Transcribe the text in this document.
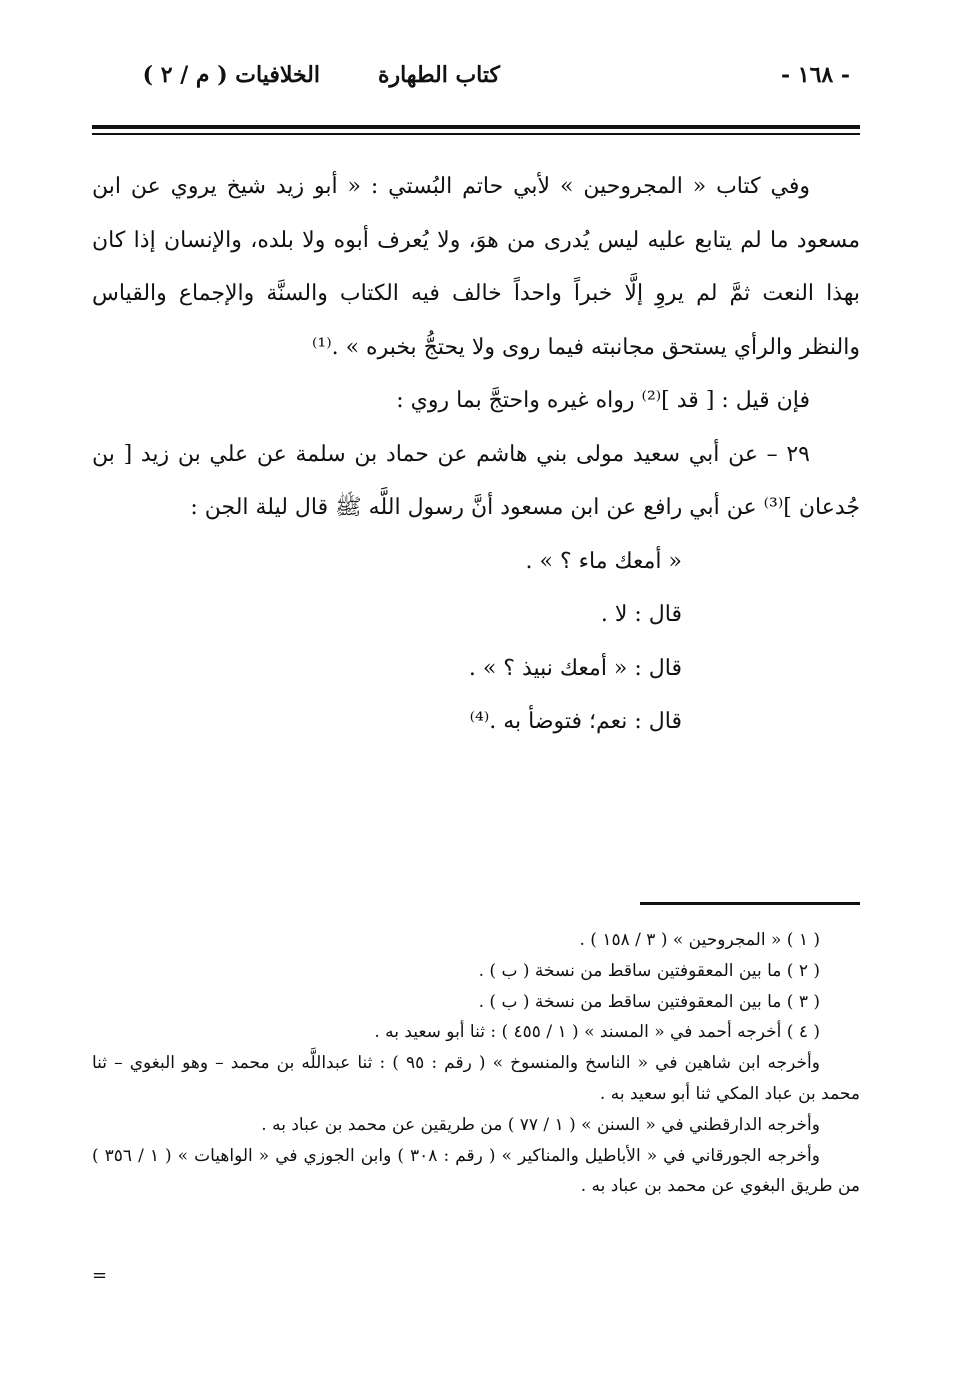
- ١٦٨ -
كتاب الطهارة
الخلافيات ( م / ٢ )

وفي كتاب « المجروحين » لأبي حاتم البُستي : « أبو زيد شيخ يروي عن ابن مسعود ما لم يتابع عليه ليس يُدرى من هوَ، ولا يُعرف أبوه ولا بلده، والإنسان إذا كان بهذا النعت ثمَّ لم يروِ إلَّا خبراً واحداً خالف فيه الكتاب والسنَّة والإجماع والقياس والنظر والرأي يستحق مجانبته فيما روى ولا يحتجُّ بخبره » .⁽¹⁾

فإن قيل : [ قد ]⁽²⁾ رواه غيره واحتجَّ بما روي :

٢٩ – عن أبي سعيد مولى بني هاشم عن حماد بن سلمة عن علي بن زيد [ بن جُدعان ]⁽³⁾ عن أبي رافع عن ابن مسعود أنَّ رسول اللَّه ﷺ قال ليلة الجن :

« أمعك ماء ؟ » .

قال : لا .

قال : « أمعك نبيذ ؟ » .

قال : نعم؛ فتوضأ به .⁽⁴⁾

( ١ ) « المجروحين » ( ٣ / ١٥٨ ) .

( ٢ ) ما بين المعقوفتين ساقط من نسخة ( ب ) .

( ٣ ) ما بين المعقوفتين ساقط من نسخة ( ب ) .

( ٤ ) أخرجه أحمد في « المسند » ( ١ / ٤٥٥ ) : ثنا أبو سعيد به .

وأخرجه ابن شاهين في « الناسخ والمنسوخ » ( رقم : ٩٥ ) : ثنا عبداللَّه بن محمد – وهو البغوي – ثنا محمد بن عباد المكي ثنا أبو سعيد به .

وأخرجه الدارقطني في « السنن » ( ١ / ٧٧ ) من طريقين عن محمد بن عباد به .

وأخرجه الجورقاني في « الأباطيل والمناكير » ( رقم : ٣٠٨ ) وابن الجوزي في « الواهيات » ( ١ / ٣٥٦ ) من طريق البغوي عن محمد بن عباد به .

=
